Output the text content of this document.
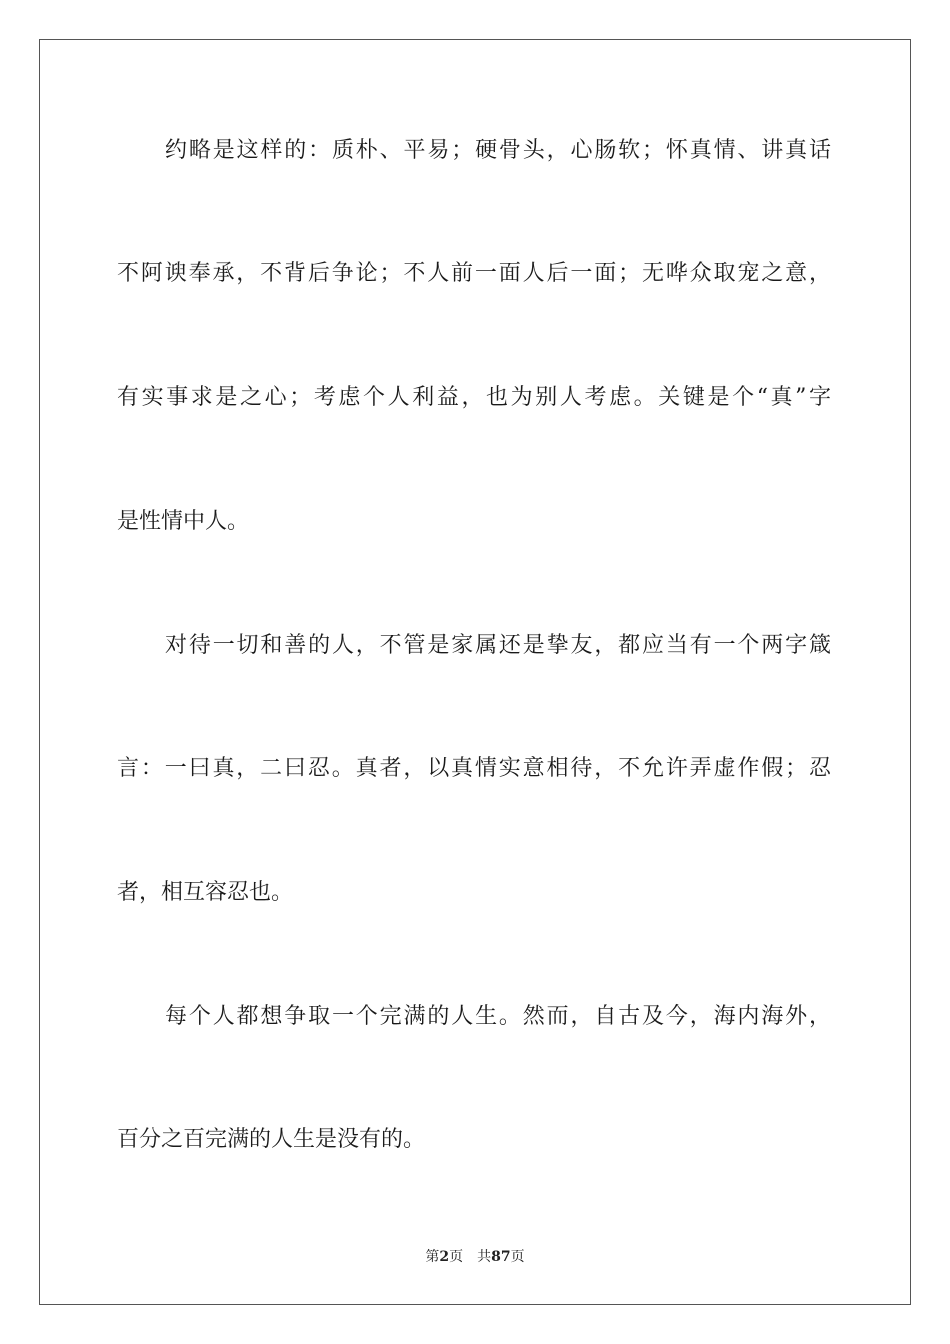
约略是这样的：质朴、平易；硬骨头，心肠软；怀真情、讲真话
不阿谀奉承，不背后争论；不人前一面人后一面；无哗众取宠之意，
有实事求是之心；考虑个人利益，也为别人考虑。关键是个“真”字
是性情中人。
对待一切和善的人，不管是家属还是挚友，都应当有一个两字箴
言：一曰真，二曰忍。真者，以真情实意相待，不允许弄虚作假；忍
者，相互容忍也。
每个人都想争取一个完满的人生。然而，自古及今，海内海外，
百分之百完满的人生是没有的。
第2页 共87页
